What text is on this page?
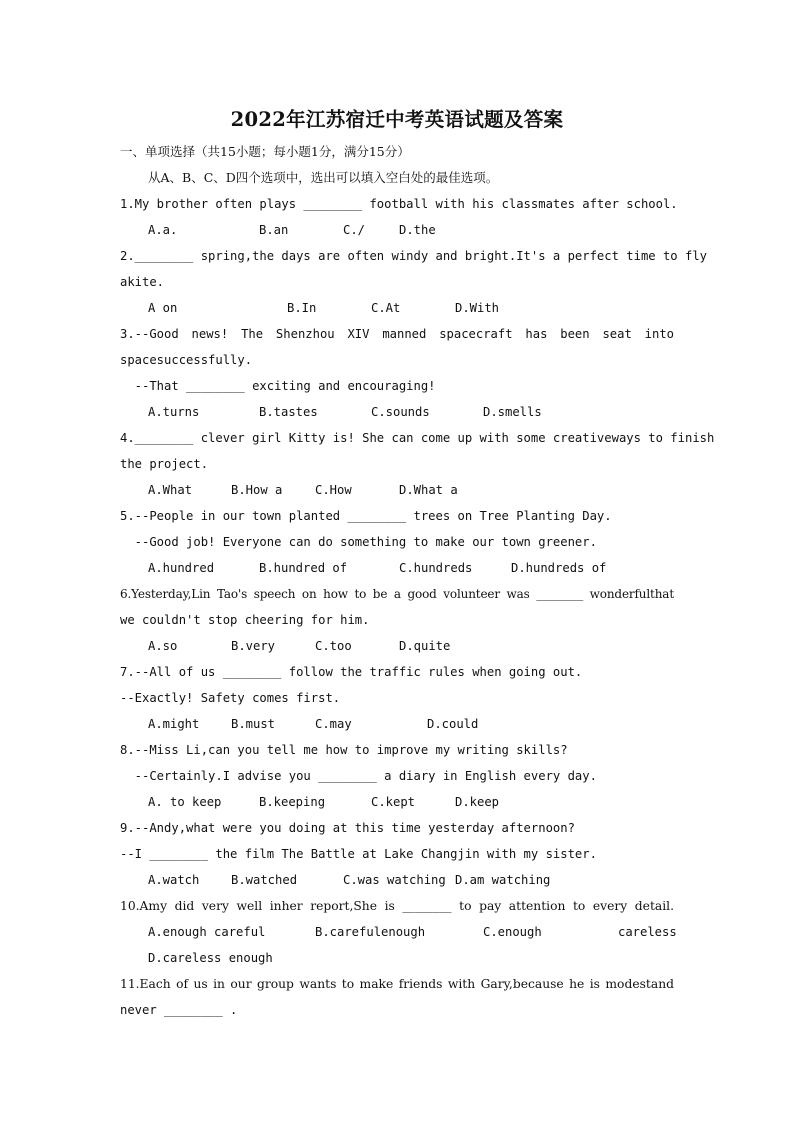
2022年江苏宿迁中考英语试题及答案
一、单项选择（共15小题；每小题1分，满分15分）
从A、B、C、D四个选项中，选出可以填入空白处的最佳选项。
1.My brother often plays ________ football with his classmates after school.
A.a.	B.an	C./	D.the
2.________ spring,the days are often windy and bright.It's a perfect time to fly
akite.
A on	B.In	C.At	D.With
3.--Good news! The Shenzhou XIV manned spacecraft has been seat into
spacesuccessfully.
--That ________ exciting and encouraging!
A.turns	B.tastes	C.sounds	D.smells
4.________ clever girl Kitty is! She can come up with some creativeways to finish
the project.
A.What	B.How a	C.How	D.What a
5.--People in our town planted ________ trees on Tree Planting Day.
--Good job! Everyone can do something to make our town greener.
A.hundred	B.hundred of	C.hundreds	D.hundreds of
6.Yesterday,Lin Tao's speech on how to be a good volunteer was ________ wonderfulthat
we couldn't stop cheering for him.
A.so	B.very	C.too	D.quite
7.--All of us ________ follow the traffic rules when going out.
--Exactly! Safety comes first.
A.might	B.must	C.may	D.could
8.--Miss Li,can you tell me how to improve my writing skills?
--Certainly.I advise you ________ a diary in English every day.
A. to keep	B.keeping	C.kept	D.keep
9.--Andy,what were you doing at this time yesterday afternoon?
--I ________ the film The Battle at Lake Changjin with my sister.
A.watch	B.watched	C.was watching D.am watching
10.Amy did very well inher report,She is ________ to pay attention to every detail.
A.enough careful	B.carefulenough	C.enough	careless
D.careless enough
11.Each of us in our group wants to make friends with Gary,because he is modestand
never ________ .
